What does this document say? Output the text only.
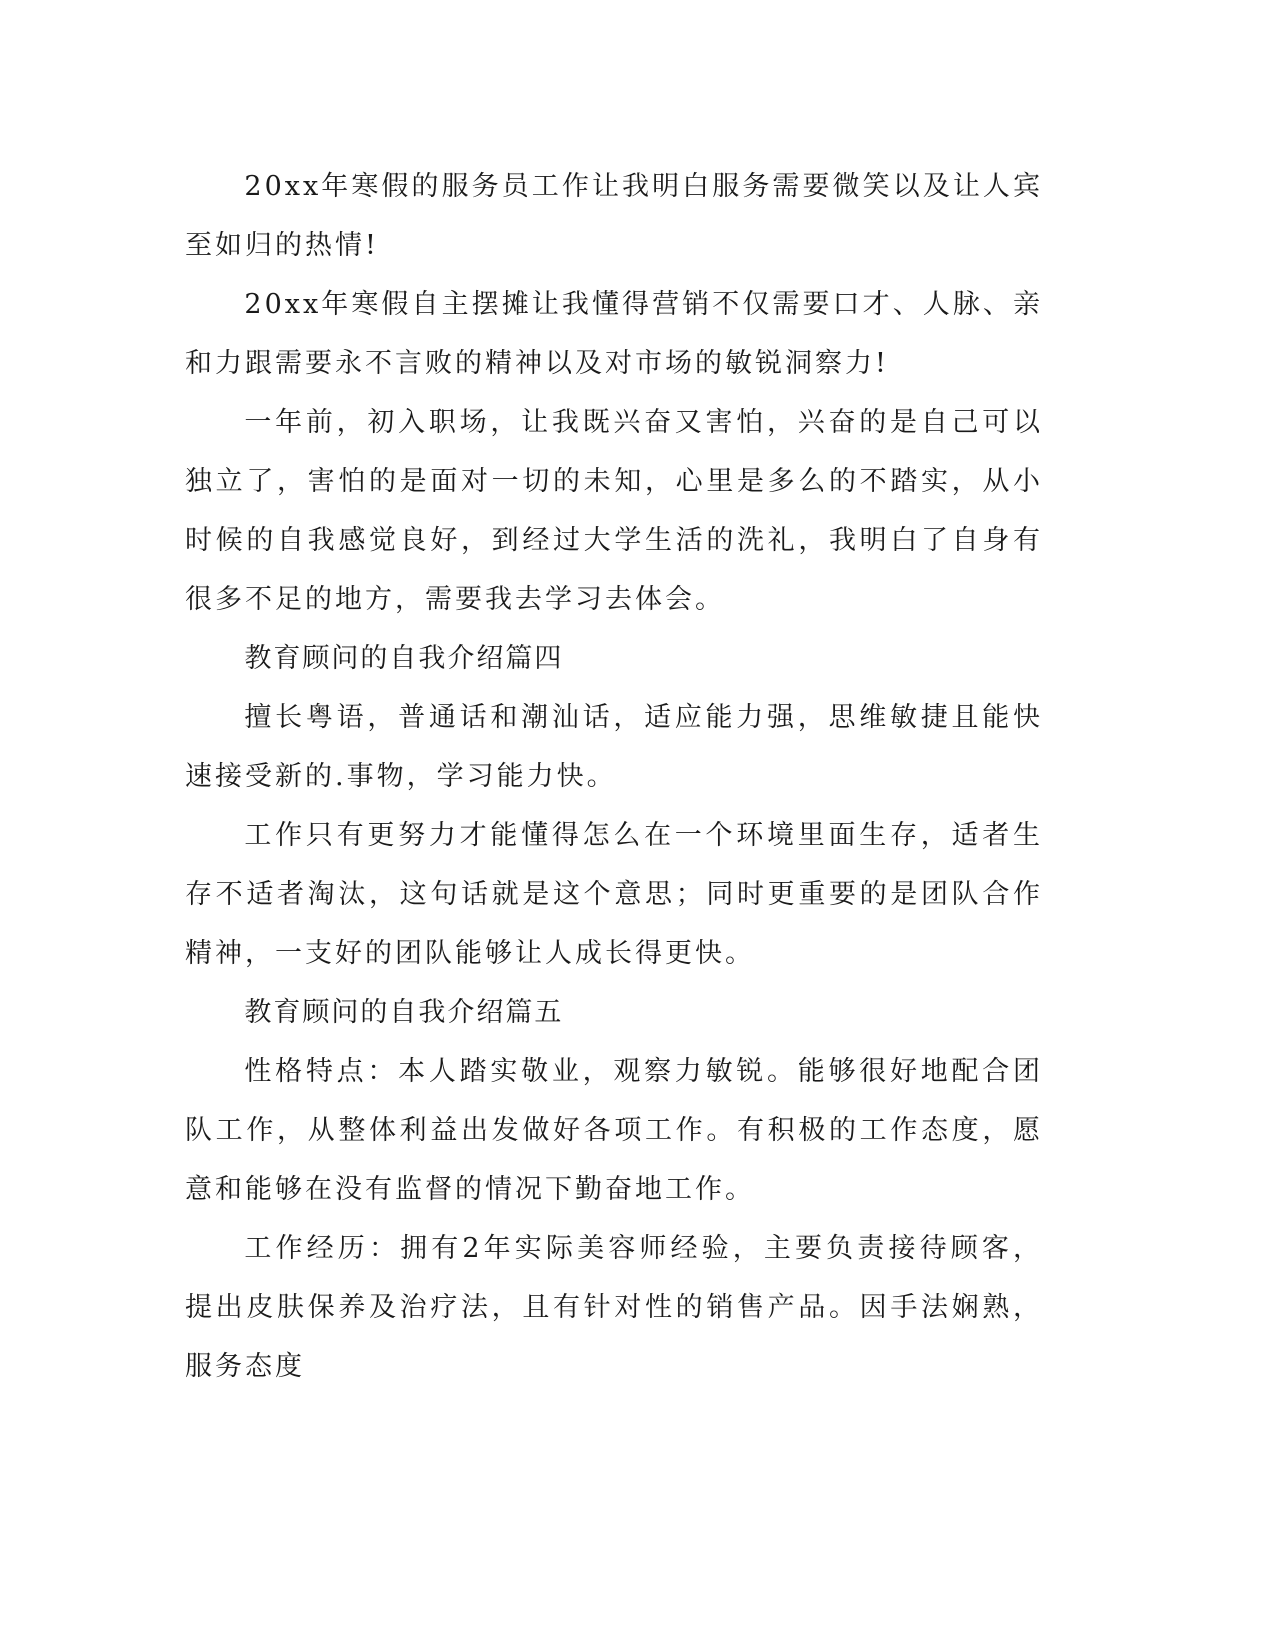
20xx年寒假的服务员工作让我明白服务需要微笑以及让人宾至如归的热情!

20xx年寒假自主摆摊让我懂得营销不仅需要口才、人脉、亲和力跟需要永不言败的精神以及对市场的敏锐洞察力!

一年前，初入职场，让我既兴奋又害怕，兴奋的是自己可以独立了，害怕的是面对一切的未知，心里是多么的不踏实，从小时候的自我感觉良好，到经过大学生活的洗礼，我明白了自身有很多不足的地方，需要我去学习去体会。

教育顾问的自我介绍篇四

擅长粤语，普通话和潮汕话，适应能力强，思维敏捷且能快速接受新的.事物，学习能力快。

工作只有更努力才能懂得怎么在一个环境里面生存，适者生存不适者淘汰，这句话就是这个意思；同时更重要的是团队合作精神，一支好的团队能够让人成长得更快。

教育顾问的自我介绍篇五

性格特点：本人踏实敬业，观察力敏锐。能够很好地配合团队工作，从整体利益出发做好各项工作。有积极的工作态度，愿意和能够在没有监督的情况下勤奋地工作。

工作经历：拥有2年实际美容师经验，主要负责接待顾客，提出皮肤保养及治疗法，且有针对性的销售产品。因手法娴熟，服务态度
